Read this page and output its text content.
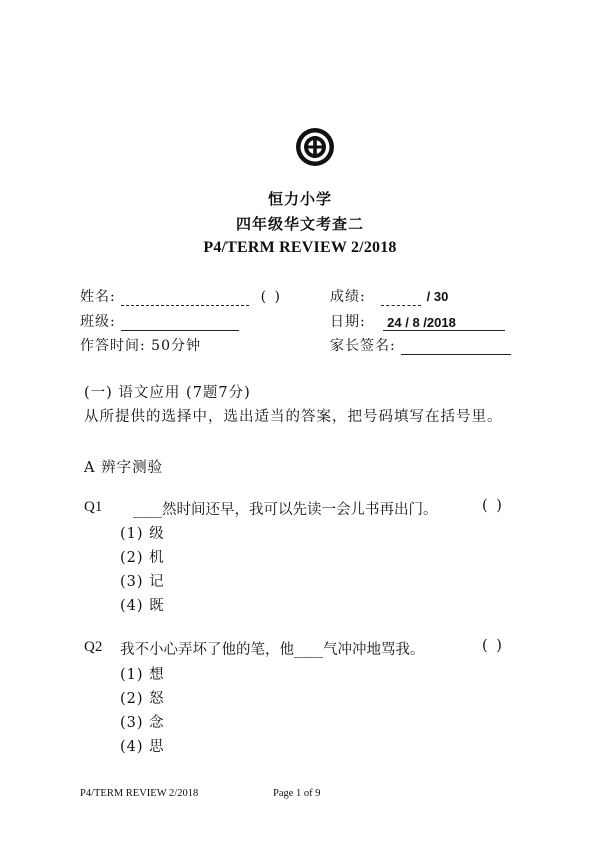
恒力小学
四年级华文考查二
P4/TERM REVIEW 2/2018
姓名:	( )	成绩:	/ 30
班级:	日期: 24 / 8 /2018
作答时间: 50分钟	家长签名:
(一) 语文应用 (7题7分)
从所提供的选择中，选出适当的答案，把号码填写在括号里。
A 辨字测验
Q1 ____然时间还早，我可以先读一会儿书再出门。	( )
(1) 级
(2) 机
(3) 记
(4) 既
Q2 我不小心弄坏了他的笔，他____气冲冲地骂我。	( )
(1) 想
(2) 怒
(3) 念
(4) 思
P4/TERM REVIEW 2/2018	Page 1 of 9
